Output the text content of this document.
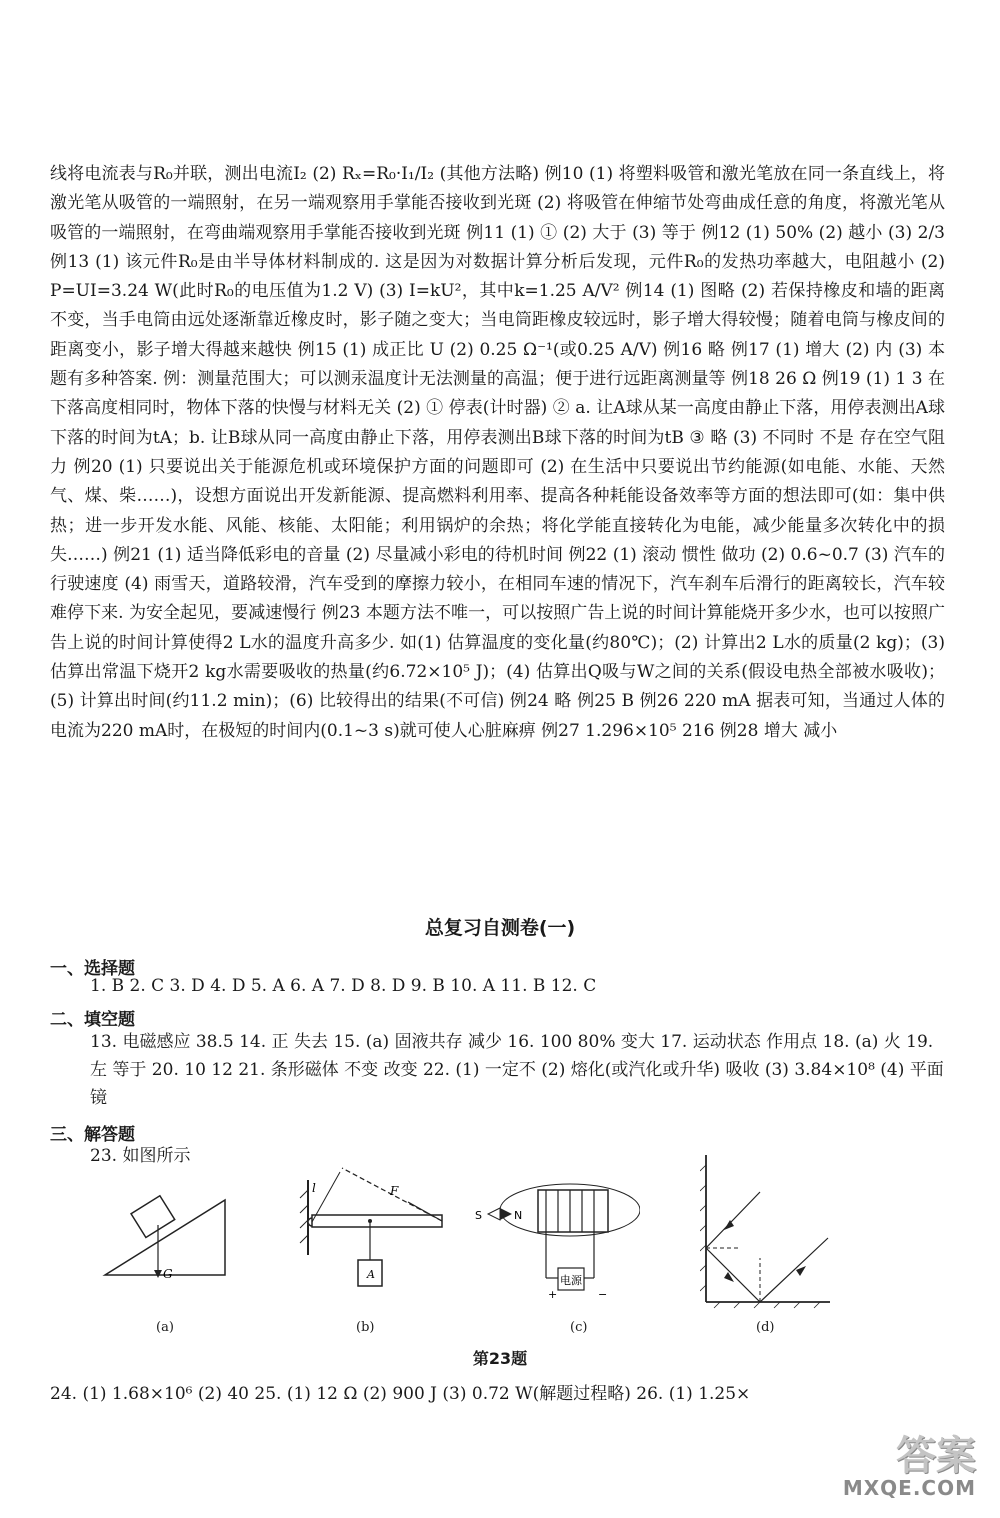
线将电流表与R₀并联，测出电流I₂ (2) Rₓ=R₀·I₁/I₂ (其他方法略) 例10 (1) 将塑料吸管和激光笔放在同一条直线上，将激光笔从吸管的一端照射，在另一端观察用手掌能否接收到光斑 (2) 将吸管在伸缩节处弯曲成任意的角度，将激光笔从吸管的一端照射，在弯曲端观察用手掌能否接收到光斑 例11 (1) ① (2) 大于 (3) 等于 例12 (1) 50% (2) 越小 (3) 2/3 例13 (1) 该元件R₀是由半导体材料制成的. 这是因为对数据计算分析后发现，元件R₀的发热功率越大，电阻越小 (2) P=UI=3.24 W(此时R₀的电压值为1.2 V) (3) I=kU²，其中k=1.25 A/V² 例14 (1) 图略 (2) 若保持橡皮和墙的距离不变，当手电筒由远处逐渐靠近橡皮时，影子随之变大；当电筒距橡皮较远时，影子增大得较慢；随着电筒与橡皮间的距离变小，影子增大得越来越快 例15 (1) 成正比 U (2) 0.25 Ω⁻¹(或0.25 A/V) 例16 略 例17 (1) 增大 (2) 内 (3) 本题有多种答案. 例：测量范围大；可以测汞温度计无法测量的高温；便于进行远距离测量等 例18 26 Ω 例19 (1) 1 3 在下落高度相同时，物体下落的快慢与材料无关 (2) ① 停表(计时器) ② a. 让A球从某一高度由静止下落，用停表测出A球下落的时间为tA；b. 让B球从同一高度由静止下落，用停表测出B球下落的时间为tB ③ 略 (3) 不同时 不是 存在空气阻力 例20 (1) 只要说出关于能源危机或环境保护方面的问题即可 (2) 在生活中只要说出节约能源(如电能、水能、天然气、煤、柴……)，设想方面说出开发新能源、提高燃料利用率、提高各种耗能设备效率等方面的想法即可(如：集中供热；进一步开发水能、风能、核能、太阳能；利用锅炉的余热；将化学能直接转化为电能，减少能量多次转化中的损失……) 例21 (1) 适当降低彩电的音量 (2) 尽量减小彩电的待机时间 例22 (1) 滚动 惯性 做功 (2) 0.6~0.7 (3) 汽车的行驶速度 (4) 雨雪天，道路较滑，汽车受到的摩擦力较小，在相同车速的情况下，汽车刹车后滑行的距离较长，汽车较难停下来. 为安全起见，要减速慢行 例23 本题方法不唯一，可以按照广告上说的时间计算能烧开多少水，也可以按照广告上说的时间计算使得2 L水的温度升高多少. 如(1) 估算温度的变化量(约80℃)；(2) 计算出2 L水的质量(2 kg)；(3) 估算出常温下烧开2 kg水需要吸收的热量(约6.72×10⁵ J)；(4) 估算出Q吸与W之间的关系(假设电热全部被水吸收)；(5) 计算出时间(约11.2 min)；(6) 比较得出的结果(不可信) 例24 略 例25 B 例26 220 mA 据表可知，当通过人体的电流为220 mA时，在极短的时间内(0.1~3 s)就可使人心脏麻痹 例27 1.296×10⁵ 216 例28 增大 减小
总复习自测卷(一)
一、选择题
1. B 2. C 3. D 4. D 5. A 6. A 7. D 8. D 9. B 10. A 11. B 12. C
二、填空题
13. 电磁感应 38.5 14. 正 失去 15. (a) 固液共存 减少 16. 100 80% 变大 17. 运动状态 作用点 18. (a) 火 19. 左 等于 20. 10 12 21. 条形磁体 不变 改变 22. (1) 一定不 (2) 熔化(或汽化或升华) 吸收 (3) 3.84×10⁸ (4) 平面镜
三、解答题
23. 如图所示
G
(a)
A
F
l
(b)
S	N
电源
+	−
(c)	(d)
第23题
24. (1) 1.68×10⁶ (2) 40 25. (1) 12 Ω (2) 900 J (3) 0.72 W(解题过程略) 26. (1) 1.25×
答案
MXQE.COM
